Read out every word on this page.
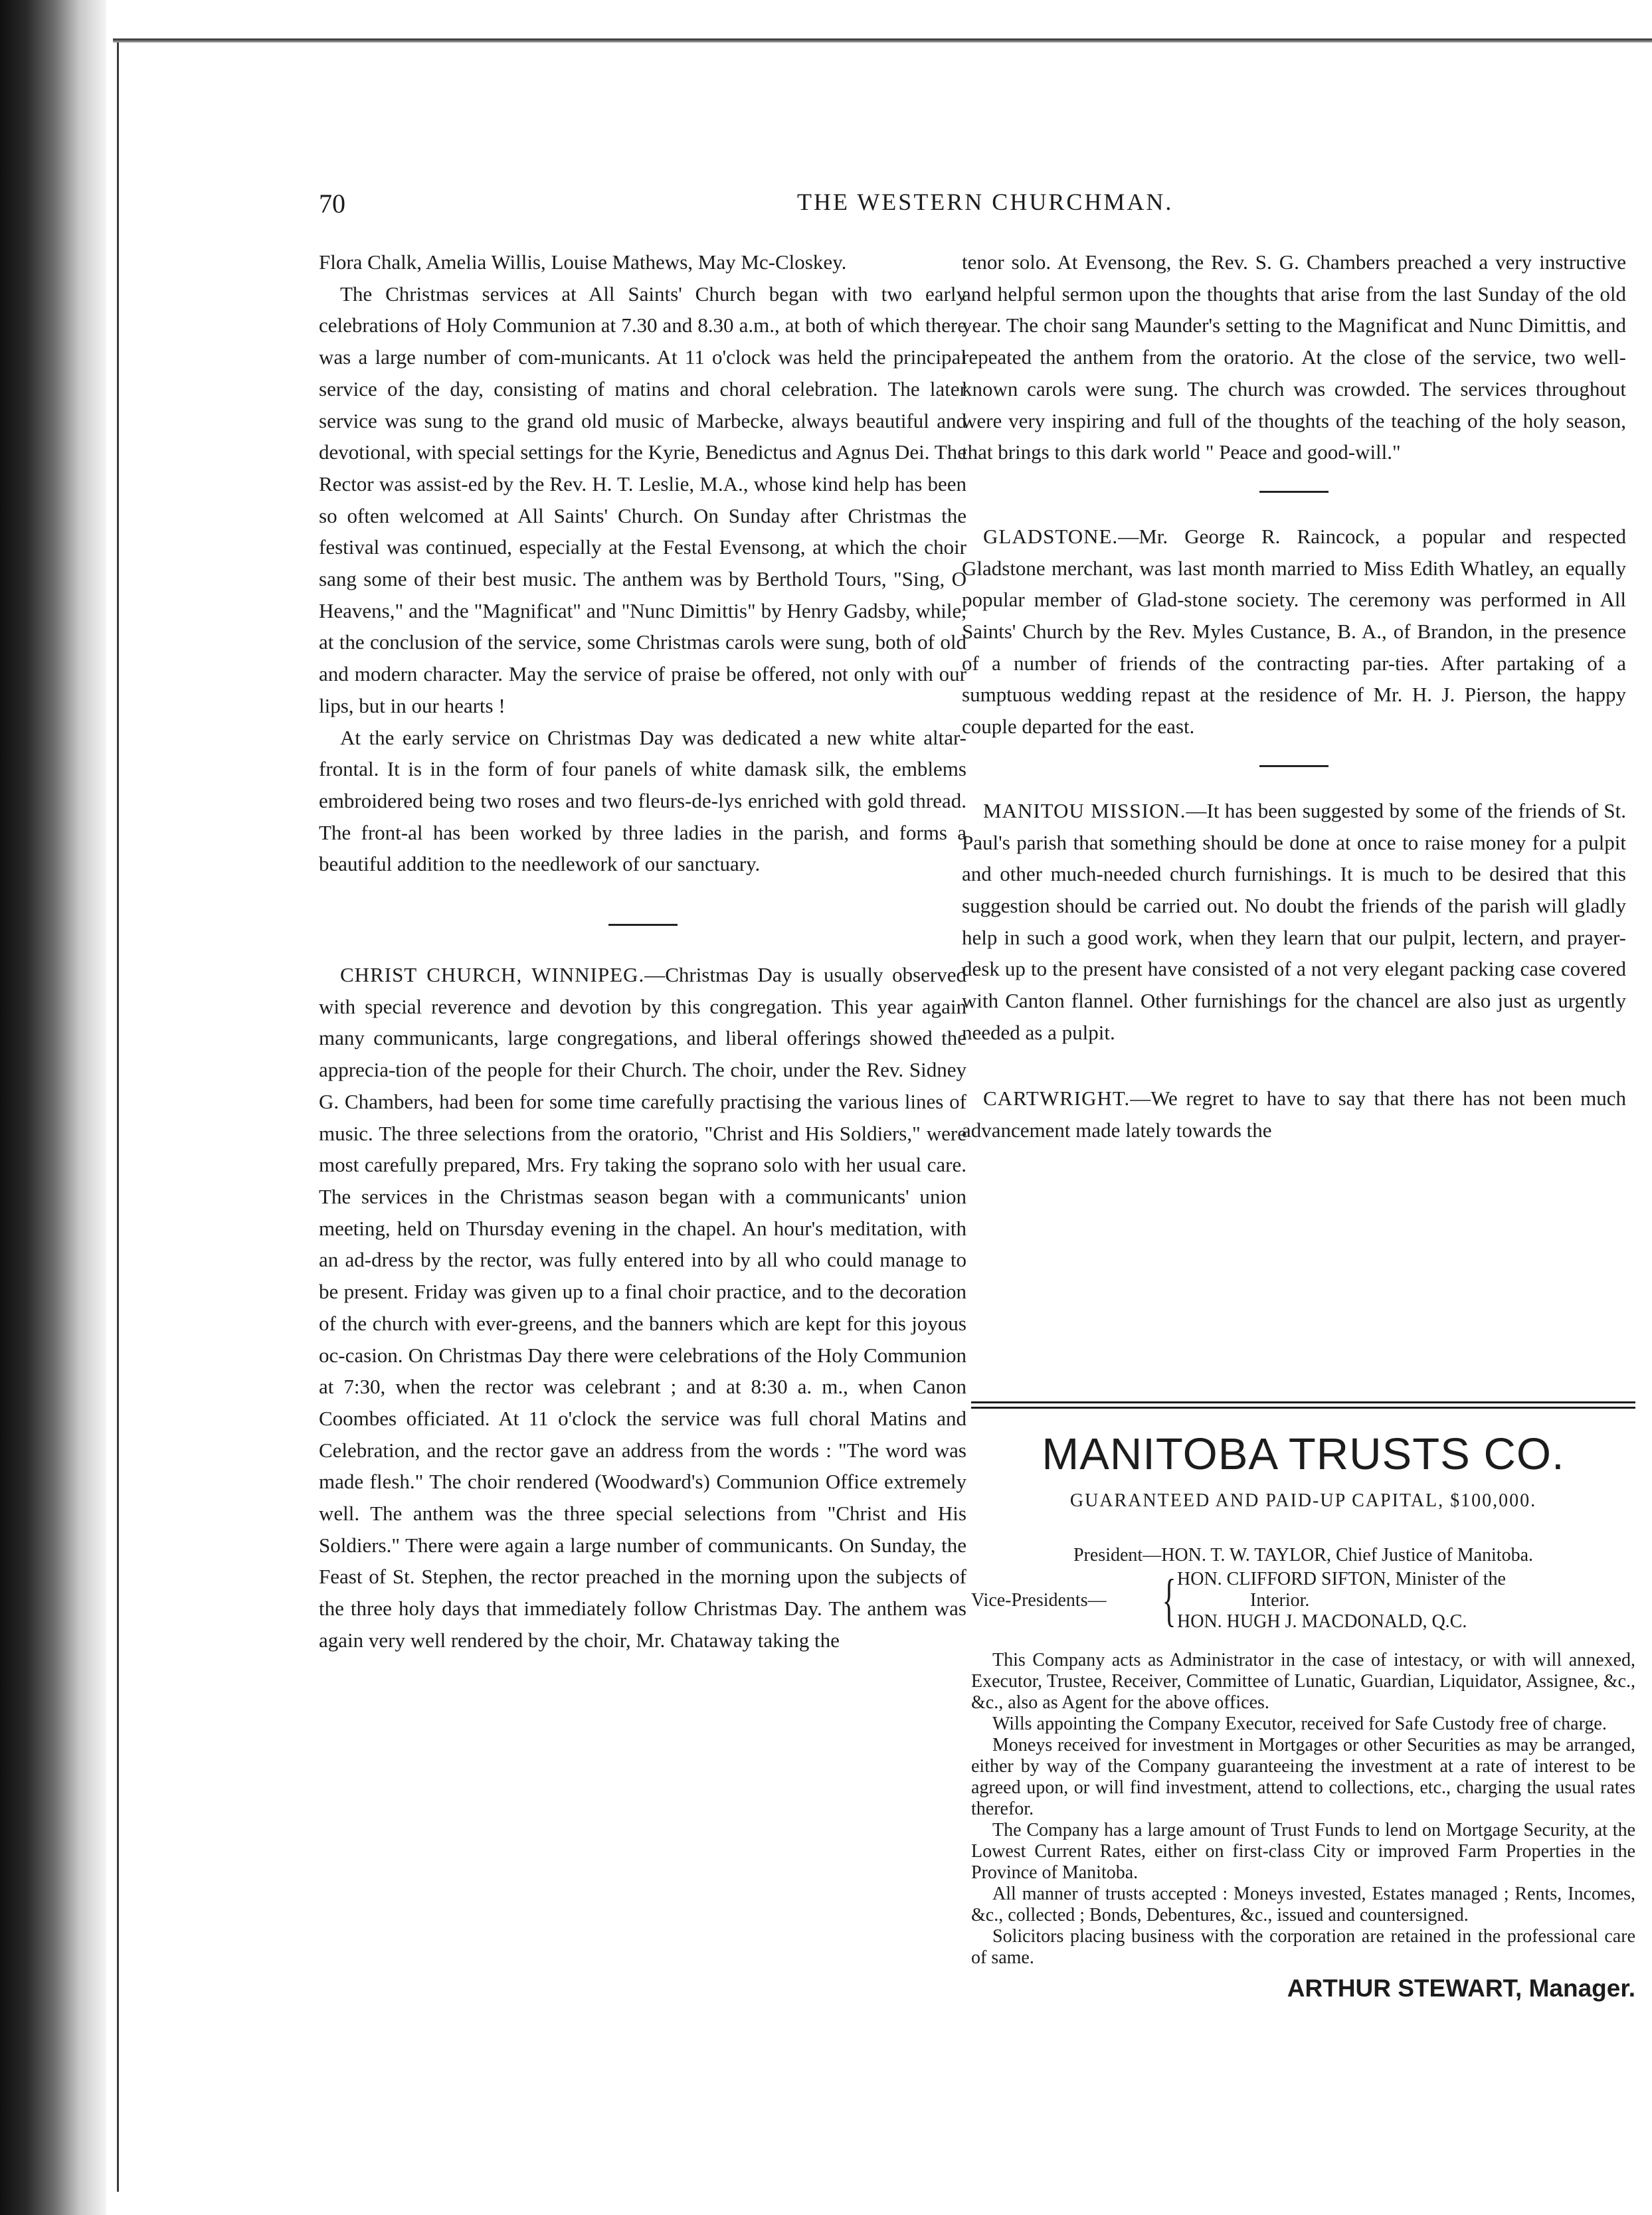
70	THE WESTERN CHURCHMAN.

Flora Chalk, Amelia Willis, Louise Mathews, May Mc-Closkey.

The Christmas services at All Saints' Church began with two early celebrations of Holy Communion at 7.30 and 8.30 a.m., at both of which there was a large number of com-municants. At 11 o'clock was held the principal service of the day, consisting of matins and choral celebration. The later service was sung to the grand old music of Marbecke, always beautiful and devotional, with special settings for the Kyrie, Benedictus and Agnus Dei. The Rector was assist-ed by the Rev. H. T. Leslie, M.A., whose kind help has been so often welcomed at All Saints' Church. On Sunday after Christmas the festival was continued, especially at the Festal Evensong, at which the choir sang some of their best music. The anthem was by Berthold Tours, "Sing, O Heavens," and the "Magnificat" and "Nunc Dimittis" by Henry Gadsby, while, at the conclusion of the service, some Christmas carols were sung, both of old and modern character. May the service of praise be offered, not only with our lips, but in our hearts !

At the early service on Christmas Day was dedicated a new white altar-frontal. It is in the form of four panels of white damask silk, the emblems embroidered being two roses and two fleurs-de-lys enriched with gold thread. The front-al has been worked by three ladies in the parish, and forms a beautiful addition to the needlework of our sanctuary.

CHRIST CHURCH, WINNIPEG.—Christmas Day is usually observed with special reverence and devotion by this congregation. This year again many communicants, large congregations, and liberal offerings showed the apprecia-tion of the people for their Church. The choir, under the Rev. Sidney G. Chambers, had been for some time carefully practising the various lines of music. The three selections from the oratorio, "Christ and His Soldiers," were most carefully prepared, Mrs. Fry taking the soprano solo with her usual care. The services in the Christmas season began with a communicants' union meeting, held on Thursday evening in the chapel. An hour's meditation, with an ad-dress by the rector, was fully entered into by all who could manage to be present. Friday was given up to a final choir practice, and to the decoration of the church with ever-greens, and the banners which are kept for this joyous oc-casion. On Christmas Day there were celebrations of the Holy Communion at 7:30, when the rector was celebrant ; and at 8:30 a. m., when Canon Coombes officiated. At 11 o'clock the service was full choral Matins and Celebration, and the rector gave an address from the words : "The word was made flesh." The choir rendered (Woodward's) Communion Office extremely well. The anthem was the three special selections from "Christ and His Soldiers." There were again a large number of communicants. On Sunday, the Feast of St. Stephen, the rector preached in the morning upon the subjects of the three holy days that immediately follow Christmas Day. The anthem was again very well rendered by the choir, Mr. Chataway taking the

tenor solo. At Evensong, the Rev. S. G. Chambers preached a very instructive and helpful sermon upon the thoughts that arise from the last Sunday of the old year. The choir sang Maunder's setting to the Magnificat and Nunc Dimittis, and repeated the anthem from the oratorio. At the close of the service, two well-known carols were sung. The church was crowded. The services throughout were very inspiring and full of the thoughts of the teaching of the holy season, that brings to this dark world " Peace and good-will."

GLADSTONE.—Mr. George R. Raincock, a popular and respected Gladstone merchant, was last month married to Miss Edith Whatley, an equally popular member of Glad-stone society. The ceremony was performed in All Saints' Church by the Rev. Myles Custance, B. A., of Brandon, in the presence of a number of friends of the contracting par-ties. After partaking of a sumptuous wedding repast at the residence of Mr. H. J. Pierson, the happy couple departed for the east.

MANITOU MISSION.—It has been suggested by some of the friends of St. Paul's parish that something should be done at once to raise money for a pulpit and other much-needed church furnishings. It is much to be desired that this suggestion should be carried out. No doubt the friends of the parish will gladly help in such a good work, when they learn that our pulpit, lectern, and prayer-desk up to the present have consisted of a not very elegant packing case covered with Canton flannel. Other furnishings for the chancel are also just as urgently needed as a pulpit.

CARTWRIGHT.—We regret to have to say that there has not been much advancement made lately towards the

MANITOBA TRUSTS CO.
GUARANTEED AND PAID-UP CAPITAL, $100,000.
President—HON. T. W. TAYLOR, Chief Justice of Manitoba.
Vice-Presidents— { HON. CLIFFORD SIFTON, Minister of the
Interior.
HON. HUGH J. MACDONALD, Q.C.

This Company acts as Administrator in the case of intestacy, or with will annexed, Executor, Trustee, Receiver, Committee of Lunatic, Guardian, Liquidator, Assignee, &c., &c., also as Agent for the above offices.

Wills appointing the Company Executor, received for Safe Custody free of charge.

Moneys received for investment in Mortgages or other Securities as may be arranged, either by way of the Company guaranteeing the investment at a rate of interest to be agreed upon, or will find investment, attend to collections, etc., charging the usual rates therefor.

The Company has a large amount of Trust Funds to lend on Mortgage Security, at the Lowest Current Rates, either on first-class City or improved Farm Properties in the Province of Manitoba.

All manner of trusts accepted : Moneys invested, Estates managed ; Rents, Incomes, &c., collected ; Bonds, Debentures, &c., issued and countersigned.

Solicitors placing business with the corporation are retained in the professional care of same.

ARTHUR STEWART, Manager.
